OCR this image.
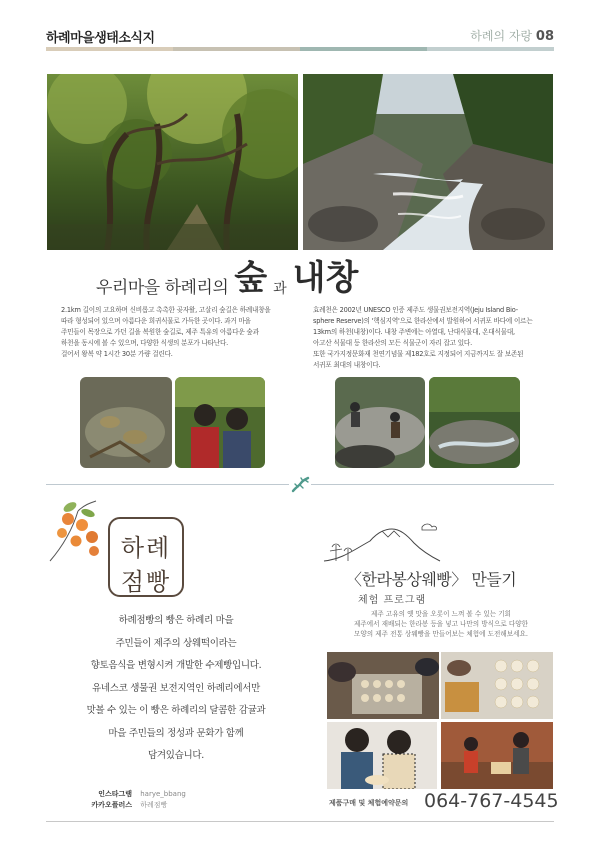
하례마을생태소식지	하례의 자랑 08
우리마을 하례리의 숲 과 내창
2.1km 길이의 고요하며 신비롭고 촉촉한 곶자왈, 고살리 숲길은 하례내창을
따라 형성되어 있으며 아름다운 희귀식물로 가득한 곳이다. 과거 마을
주민들이 목장으로 가던 길을 복원한 숲길로, 제주 특유의 아름다운 숲과
하천을 동시에 볼 수 있으며, 다양한 식생의 분포가 나타난다.
걸어서 왕복 약 1시간 30분 가량 걸린다.
효례천은 2002년 UNESCO 인증 제주도 생물권보전지역(Jeju Island Bio-
sphere Reserve)의 '핵심지역'으로 한라산에서 발원하여 서귀포 바다에 이르는
13km의 하천(내창)이다. 내창 주변에는 아열대, 난대식물대, 온대식물대,
아고산 식물대 등 한라산의 모든 식물군이 자리 잡고 있다.
또한 국가지정문화재 천연기념물 제182호로 지정되어 지금까지도 잘 보존된
서귀포 최대의 내창이다.
하례
점빵
하례점빵의 빵은 하례리 마을
주민들이 제주의 상웨떡이라는
향토음식을 변형시켜 개발한 수제빵입니다.
유네스코 생물권 보전지역인 하례리에서만
맛볼 수 있는 이 빵은 하례리의 달콤한 감귤과
마을 주민들의 정성과 문화가 함께
담겨있습니다.
인스타그램 harye_bbang
카카오플러스 하례점빵
〈한라봉상웨빵〉 만들기
체험 프로그램
제주 고유의 옛 맛을 오롯이 느껴 볼 수 있는 기회
제주에서 재배되는 한라봉 등을 넣고 나만의 방식으로 다양한
모양의 제주 전통 상웨빵을 만들어보는 체험에 도전해보세요.
제품구매 및 체험예약문의 064-767-4545
